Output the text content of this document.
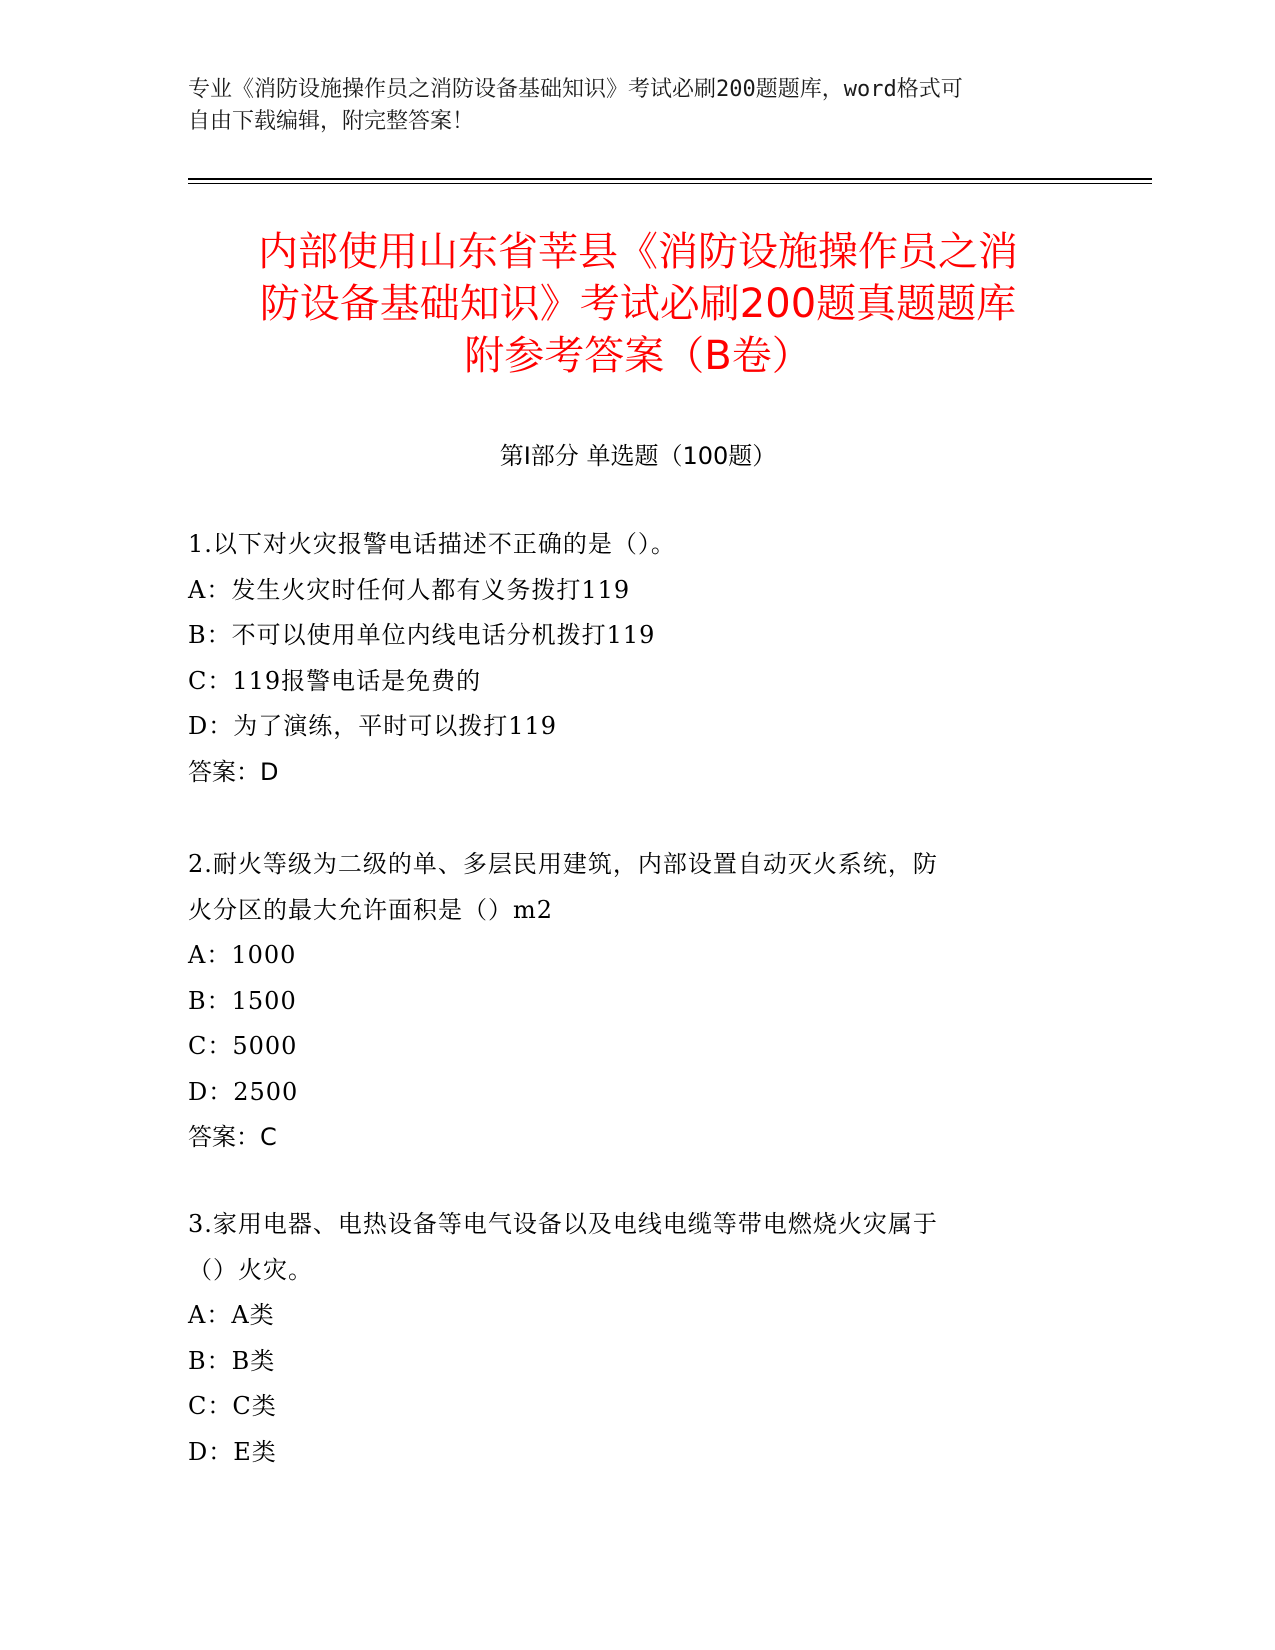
专业《消防设施操作员之消防设备基础知识》考试必刷200题题库，word格式可
自由下载编辑，附完整答案！
内部使用山东省莘县《消防设施操作员之消
防设备基础知识》考试必刷200题真题题库
附参考答案（B卷）
第Ⅰ部分 单选题（100题）
1.以下对火灾报警电话描述不正确的是（）。
A：发生火灾时任何人都有义务拨打119
B：不可以使用单位内线电话分机拨打119
C：119报警电话是免费的
D：为了演练，平时可以拨打119
答案：D
2.耐火等级为二级的单、多层民用建筑，内部设置自动灭火系统，防
火分区的最大允许面积是（）m2
A：1000
B：1500
C：5000
D：2500
答案：C
3.家用电器、电热设备等电气设备以及电线电缆等带电燃烧火灾属于
（）火灾。
A：A类
B：B类
C：C类
D：E类
